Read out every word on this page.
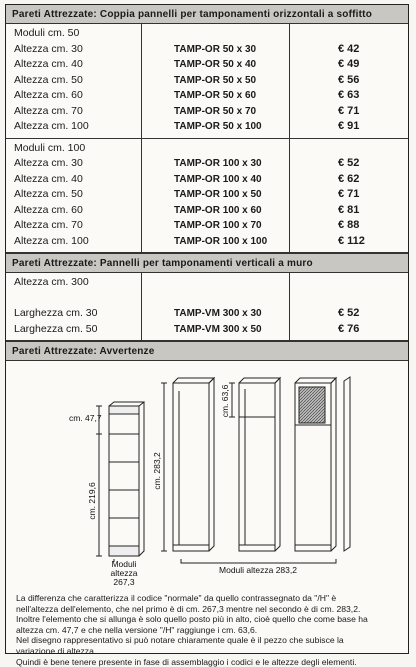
Pareti Attrezzate: Coppia pannelli per tamponamenti orizzontali a soffitto
Moduli cm. 50
Altezza cm. 30
Altezza cm. 40
Altezza cm. 50
Altezza cm. 60
Altezza cm. 70
Altezza cm. 100
TAMP-OR 50 x 30
TAMP-OR 50 x 40
TAMP-OR 50 x 50
TAMP-OR 50 x 60
TAMP-OR 50 x 70
TAMP-OR 50 x 100
€ 42
€ 49
€ 56
€ 63
€ 71
€ 91
Moduli cm. 100
Altezza cm. 30
Altezza cm. 40
Altezza cm. 50
Altezza cm. 60
Altezza cm. 70
Altezza cm. 100
TAMP-OR 100 x 30
TAMP-OR 100 x 40
TAMP-OR 100 x 50
TAMP-OR 100 x 60
TAMP-OR 100 x 70
TAMP-OR 100 x 100
€ 52
€ 62
€ 71
€ 81
€ 88
€ 112
Pareti Attrezzate: Pannelli per tamponamenti verticali a muro
Altezza cm. 300
Larghezza cm. 30
Larghezza cm. 50
TAMP-VM 300 x 30
TAMP-VM 300 x 50
€ 52
€ 76
Pareti Attrezzate: Avvertenze
cm. 47,7
cm. 219,6
cm. 283,2
cm. 63,6
Moduli
altezza
267,3
Moduli altezza 283,2
La differenza che caratterizza il codice "normale" da quello contrassegnato da "/H" è
nell'altezza dell'elemento, che nel primo è di cm. 267,3 mentre nel secondo è di cm. 283,2.
Inoltre l'elemento che si allunga è solo quello posto più in alto, cioè quello che come base ha
altezza cm. 47,7 e che nella versione "/H" raggiunge i cm. 63,6.
Nel disegno rappresentativo si può notare chiaramente quale è il pezzo che subisce la
variazione di altezza.
Quindi è bene tenere presente in fase di assemblaggio i codici e le altezze degli elementi.
